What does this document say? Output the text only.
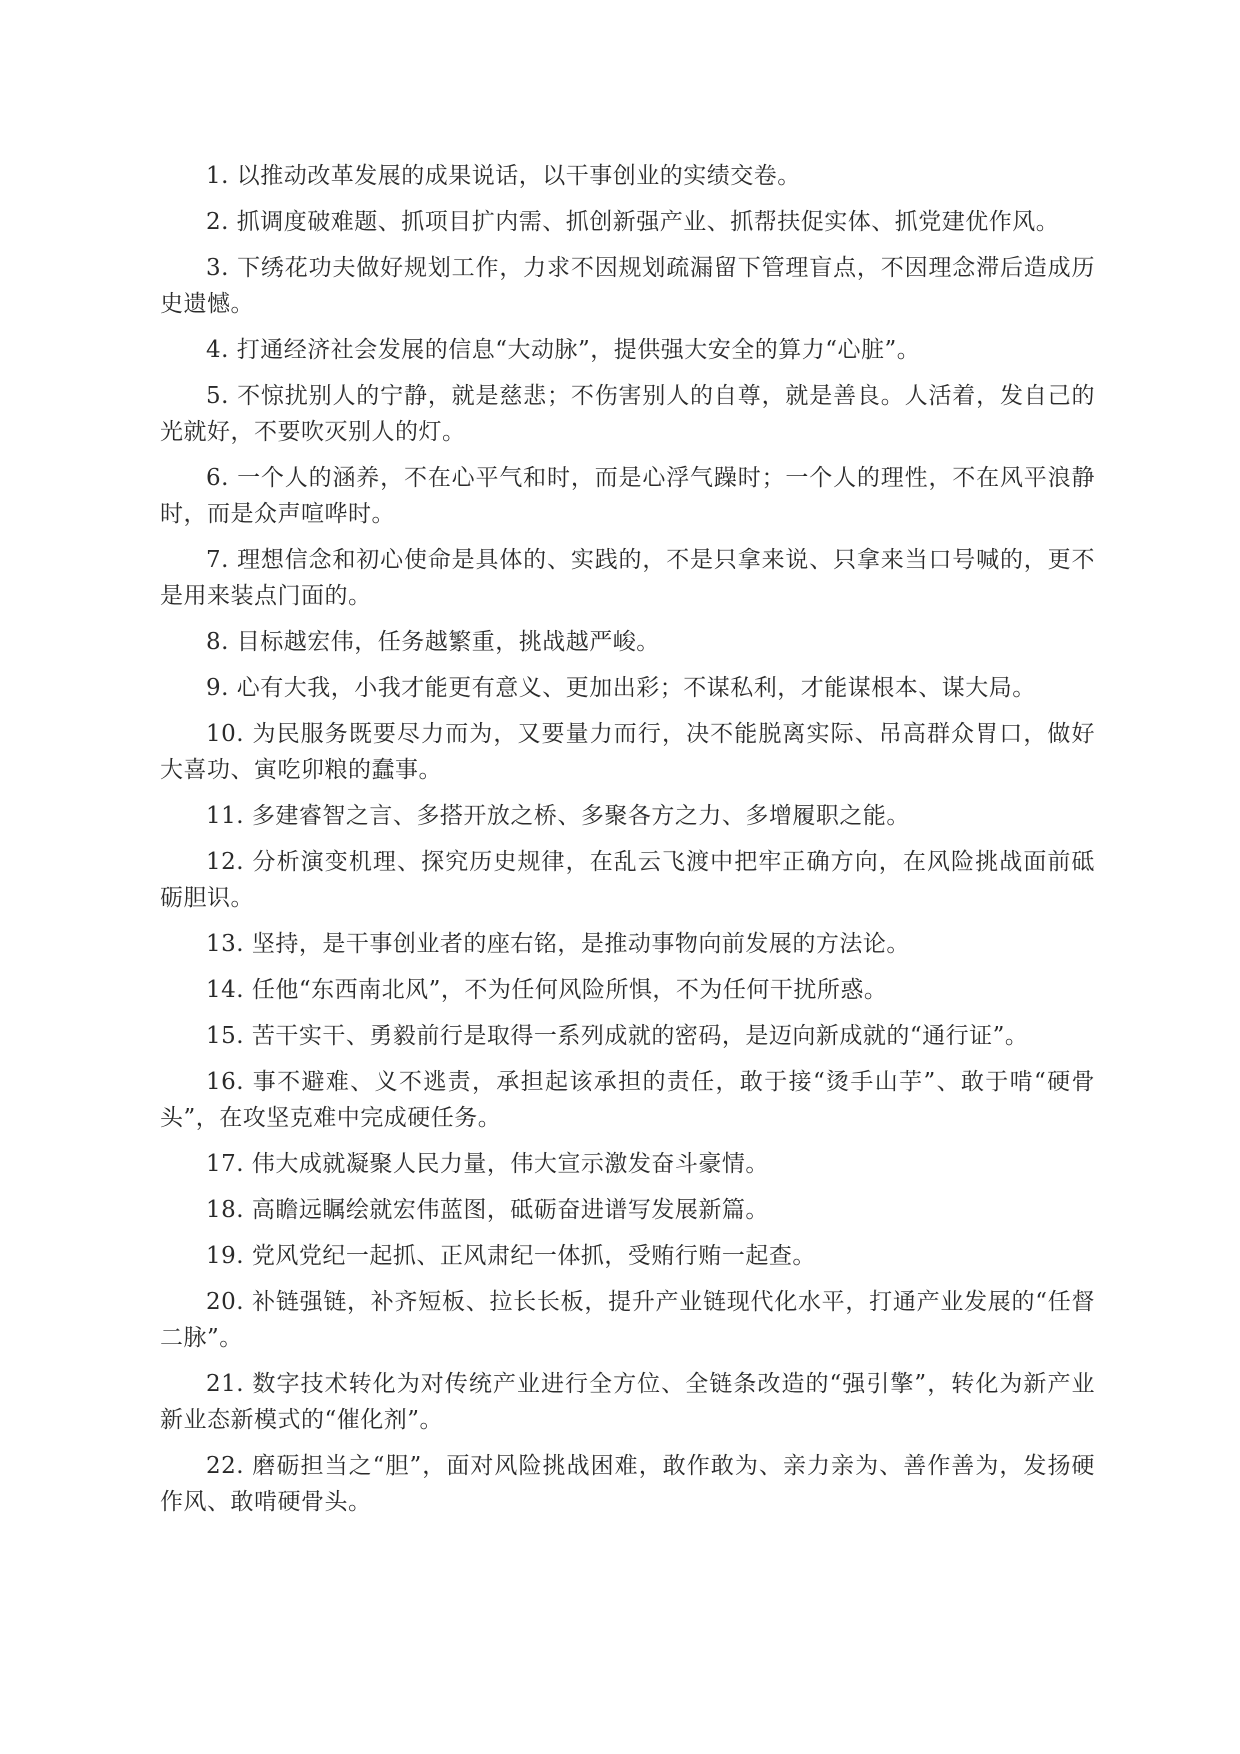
1. 以推动改革发展的成果说话，以干事创业的实绩交卷。

2. 抓调度破难题、抓项目扩内需、抓创新强产业、抓帮扶促实体、抓党建优作风。

3. 下绣花功夫做好规划工作，力求不因规划疏漏留下管理盲点，不因理念滞后造成历史遗憾。

4. 打通经济社会发展的信息“大动脉”，提供强大安全的算力“心脏”。

5. 不惊扰别人的宁静，就是慈悲；不伤害别人的自尊，就是善良。人活着，发自己的光就好，不要吹灭别人的灯。

6. 一个人的涵养，不在心平气和时，而是心浮气躁时；一个人的理性，不在风平浪静时，而是众声喧哗时。

7. 理想信念和初心使命是具体的、实践的，不是只拿来说、只拿来当口号喊的，更不是用来装点门面的。

8. 目标越宏伟，任务越繁重，挑战越严峻。

9. 心有大我，小我才能更有意义、更加出彩；不谋私利，才能谋根本、谋大局。

10. 为民服务既要尽力而为，又要量力而行，决不能脱离实际、吊高群众胃口，做好大喜功、寅吃卯粮的蠢事。

11. 多建睿智之言、多搭开放之桥、多聚各方之力、多增履职之能。

12. 分析演变机理、探究历史规律，在乱云飞渡中把牢正确方向，在风险挑战面前砥砺胆识。

13. 坚持，是干事创业者的座右铭，是推动事物向前发展的方法论。

14. 任他“东西南北风”，不为任何风险所惧，不为任何干扰所惑。

15. 苦干实干、勇毅前行是取得一系列成就的密码，是迈向新成就的“通行证”。

16. 事不避难、义不逃责，承担起该承担的责任，敢于接“烫手山芋”、敢于啃“硬骨头”，在攻坚克难中完成硬任务。

17. 伟大成就凝聚人民力量，伟大宣示激发奋斗豪情。

18. 高瞻远瞩绘就宏伟蓝图，砥砺奋进谱写发展新篇。

19. 党风党纪一起抓、正风肃纪一体抓，受贿行贿一起查。

20. 补链强链，补齐短板、拉长长板，提升产业链现代化水平，打通产业发展的“任督二脉”。

21. 数字技术转化为对传统产业进行全方位、全链条改造的“强引擎”，转化为新产业新业态新模式的“催化剂”。

22. 磨砺担当之“胆”，面对风险挑战困难，敢作敢为、亲力亲为、善作善为，发扬硬作风、敢啃硬骨头。
